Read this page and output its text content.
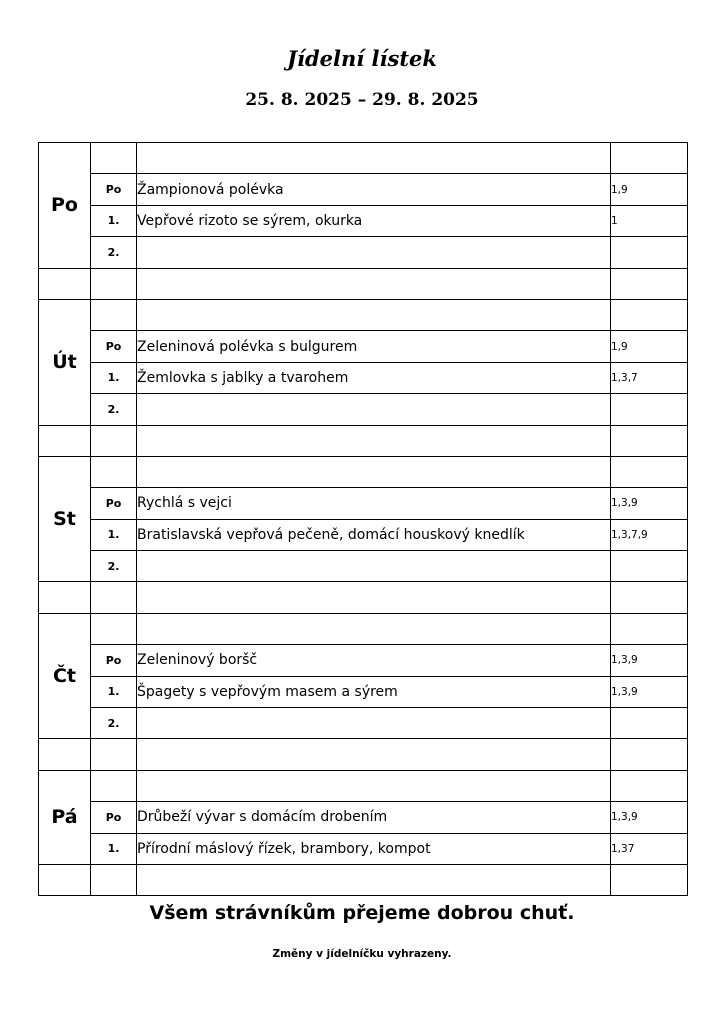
Jídelní lístek
25. 8. 2025 – 29. 8. 2025
Po			
	Po	Žampionová polévka	1,9
	1.	Vepřové rizoto se sýrem, okurka	1
	2.		

Út			
	Po	Zeleninová polévka s bulgurem	1,9
	1.	Žemlovka s jablky a tvarohem	1,3,7
	2.		

St			
	Po	Rychlá s vejci	1,3,9
	1.	Bratislavská vepřová pečeně, domácí houskový knedlík	1,3,7,9
	2.		

Čt			
	Po	Zeleninový boršč	1,3,9
	1.	Špagety s vepřovým masem a sýrem	1,3,9
	2.		

Pá			
	Po	Drůbeží vývar s domácím drobením	1,3,9
	1.	Přírodní máslový řízek, brambory, kompot	1,37

Všem strávníkům přejeme dobrou chuť.
Změny v jídelníčku vyhrazeny.
